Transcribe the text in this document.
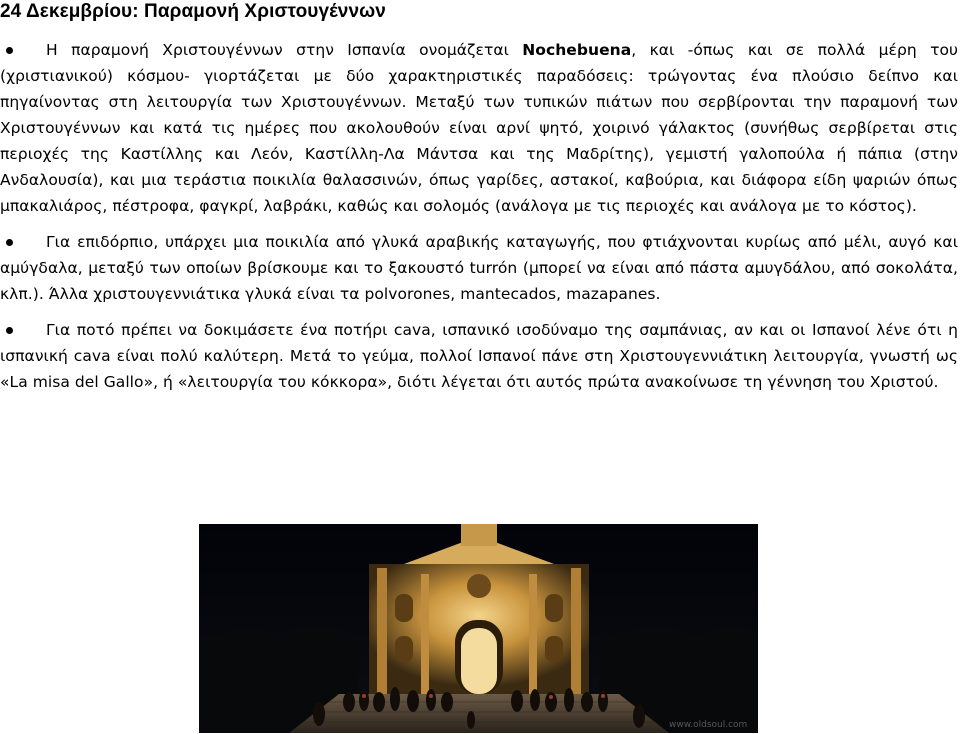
24 Δεκεμβρίου: Παραμονή Χριστουγέννων

Η παραμονή Χριστουγέννων στην Ισπανία ονομάζεται Nochebuena, και -όπως και σε πολλά μέρη του (χριστιανικού) κόσμου- γιορτάζεται με δύο χαρακτηριστικές παραδόσεις: τρώγοντας ένα πλούσιο δείπνο και πηγαίνοντας στη λειτουργία των Χριστουγέννων. Μεταξύ των τυπικών πιάτων που σερβίρονται την παραμονή των Χριστουγέννων και κατά τις ημέρες που ακολουθούν είναι αρνί ψητό, χοιρινό γάλακτος (συνήθως σερβίρεται στις περιοχές της Καστίλλης και Λεόν, Καστίλλη-Λα Μάντσα και της Μαδρίτης), γεμιστή γαλοπούλα ή πάπια (στην Ανδαλουσία), και μια τεράστια ποικιλία θαλασσινών, όπως γαρίδες, αστακοί, καβούρια, και διάφορα είδη ψαριών όπως μπακαλιάρος, πέστροφα, φαγκρί, λαβράκι, καθώς και σολομός (ανάλογα με τις περιοχές και ανάλογα με το κόστος).

Για επιδόρπιο, υπάρχει μια ποικιλία από γλυκά αραβικής καταγωγής, που φτιάχνονται κυρίως από μέλι, αυγό και αμύγδαλα, μεταξύ των οποίων βρίσκουμε και το ξακουστό turrón (μπορεί να είναι από πάστα αμυγδάλου, από σοκολάτα, κλπ.). Άλλα χριστουγεννιάτικα γλυκά είναι τα polvorones, mantecados, mazapanes.

Για ποτό πρέπει να δοκιμάσετε ένα ποτήρι cava, ισπανικό ισοδύναμο της σαμπάνιας, αν και οι Ισπανοί λένε ότι η ισπανική cava είναι πολύ καλύτερη. Μετά το γεύμα, πολλοί Ισπανοί πάνε στη Χριστουγεννιάτικη λειτουργία, γνωστή ως «La misa del Gallo», ή «λειτουργία του κόκκορα», διότι λέγεται ότι αυτός πρώτα ανακοίνωσε τη γέννηση του Χριστού.

www.oldsoul.com
